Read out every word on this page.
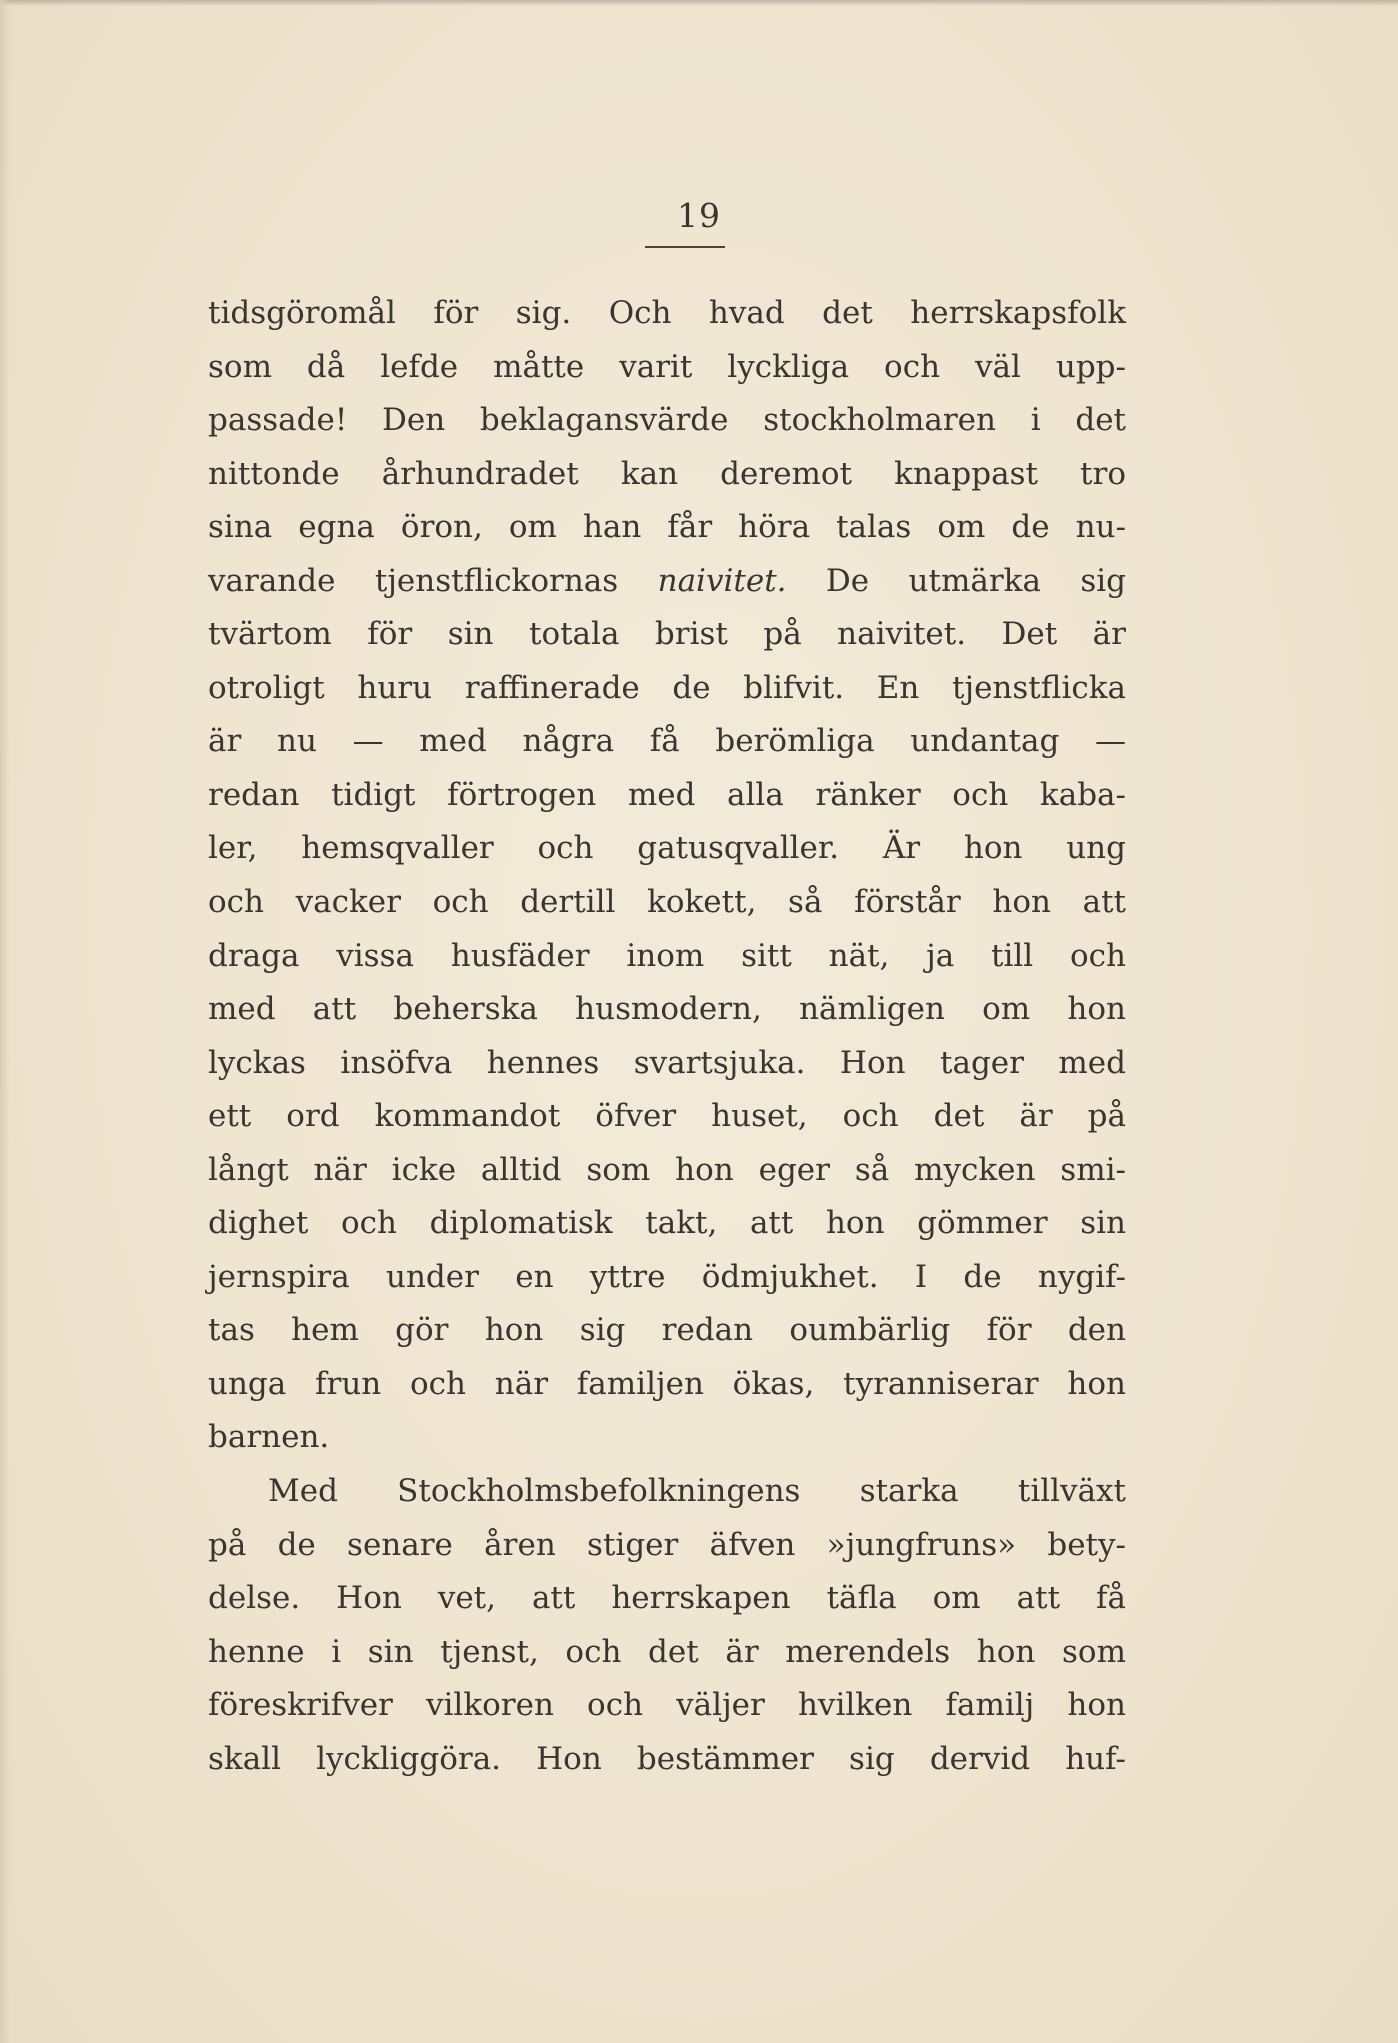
19
tidsgöromål för sig. Och hvad det herrskapsfolk
som då lefde måtte varit lyckliga och väl upp-
passade! Den beklagansvärde stockholmaren i det
nittonde århundradet kan deremot knappast tro
sina egna öron, om han får höra talas om de nu-
varande tjenstflickornas naivitet. De utmärka sig
tvärtom för sin totala brist på naivitet. Det är
otroligt huru raffinerade de blifvit. En tjenstflicka
är nu — med några få berömliga undantag —
redan tidigt förtrogen med alla ränker och kaba-
ler, hemsqvaller och gatusqvaller. Är hon ung
och vacker och dertill kokett, så förstår hon att
draga vissa husfäder inom sitt nät, ja till och
med att beherska husmodern, nämligen om hon
lyckas insöfva hennes svartsjuka. Hon tager med
ett ord kommandot öfver huset, och det är på
långt när icke alltid som hon eger så mycken smi-
dighet och diplomatisk takt, att hon gömmer sin
jernspira under en yttre ödmjukhet. I de nygif-
tas hem gör hon sig redan oumbärlig för den
unga frun och när familjen ökas, tyranniserar hon
barnen.
Med Stockholmsbefolkningens starka tillväxt
på de senare åren stiger äfven »jungfruns» bety-
delse. Hon vet, att herrskapen täfla om att få
henne i sin tjenst, och det är merendels hon som
föreskrifver vilkoren och väljer hvilken familj hon
skall lyckliggöra. Hon bestämmer sig dervid huf-
